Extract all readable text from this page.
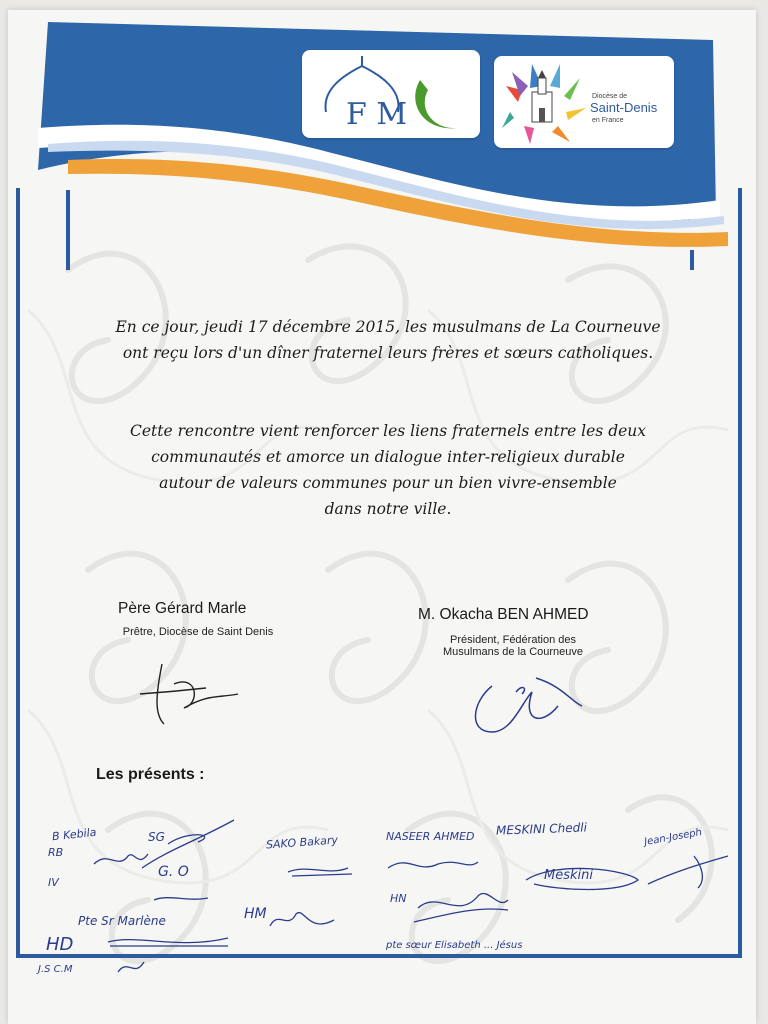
F M
Diocèse de
Saint-Denis
en France
En ce jour, jeudi 17 décembre 2015, les musulmans de La Courneuve
ont reçu lors d'un dîner fraternel leurs frères et sœurs catholiques.
Cette rencontre vient renforcer les liens fraternels entre les deux
communautés et amorce un dialogue inter-religieux durable
autour de valeurs communes pour un bien vivre-ensemble
dans notre ville.
Père Gérard Marle
Prêtre, Diocèse de Saint Denis
M. Okacha BEN AHMED
Président, Fédération des
Musulmans de la Courneuve
Les présents :
B Kebila
RB
IV
SG
G. O
SAKO Bakary	NASEER AHMED MESKINI Chedli
Meskini
Jean-Joseph
HM
HN
HD
Pte Sr Marlène
J.S C.M
pte sœur Elisabeth ... Jésus
